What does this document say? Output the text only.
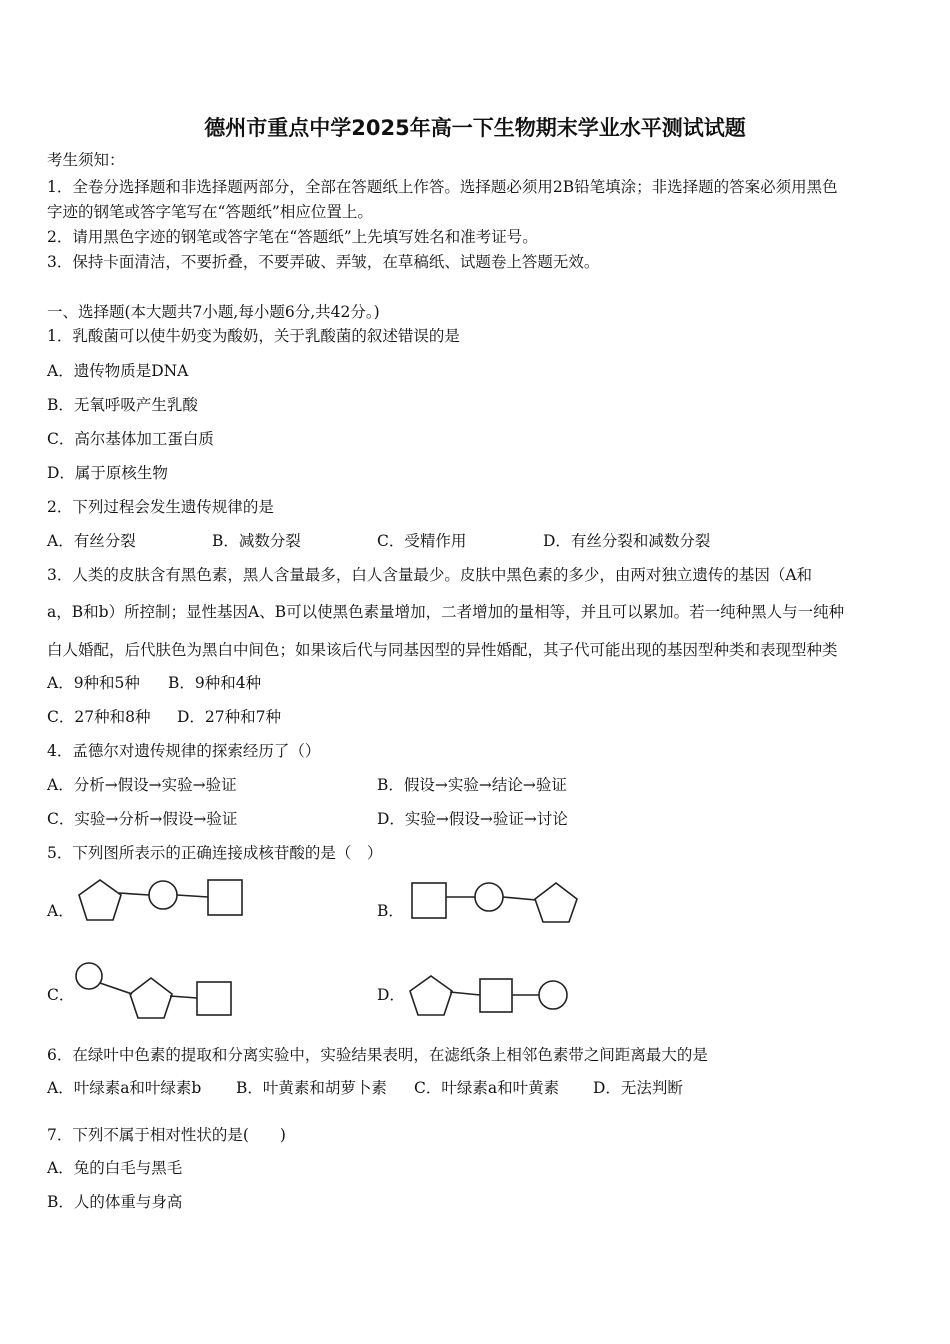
德州市重点中学2025年高一下生物期末学业水平测试试题
考生须知：
1．全卷分选择题和非选择题两部分，全部在答题纸上作答。选择题必须用2B铅笔填涂；非选择题的答案必须用黑色
字迹的钢笔或答字笔写在“答题纸”相应位置上。
2．请用黑色字迹的钢笔或答字笔在“答题纸”上先填写姓名和准考证号。
3．保持卡面清洁，不要折叠，不要弄破、弄皱，在草稿纸、试题卷上答题无效。
一、选择题(本大题共7小题,每小题6分,共42分。)
1．乳酸菌可以使牛奶变为酸奶，关于乳酸菌的叙述错误的是
A．遗传物质是DNA
B．无氧呼吸产生乳酸
C．高尔基体加工蛋白质
D．属于原核生物
2．下列过程会发生遗传规律的是
A．有丝分裂	B．减数分裂	C．受精作用	D．有丝分裂和减数分裂
3．人类的皮肤含有黑色素，黑人含量最多，白人含量最少。皮肤中黑色素的多少，由两对独立遗传的基因（A和
a，B和b）所控制；显性基因A、B可以使黑色素量增加，二者增加的量相等，并且可以累加。若一纯种黑人与一纯种
白人婚配，后代肤色为黑白中间色；如果该后代与同基因型的异性婚配，其子代可能出现的基因型种类和表现型种类
A．9种和5种 B．9种和4种
C．27种和8种 D．27种和7种
4．孟德尔对遗传规律的探索经历了（）
A．分析→假设→实验→验证	B．假设→实验→结论→验证
C．实验→分析→假设→验证	D．实验→假设→验证→讨论
5．下列图所表示的正确连接成核苷酸的是（　）
A．	B．
C．	D．
6．在绿叶中色素的提取和分离实验中，实验结果表明，在滤纸条上相邻色素带之间距离最大的是
A．叶绿素a和叶绿素b B．叶黄素和胡萝卜素 C．叶绿素a和叶黄素 D．无法判断
7．下列不属于相对性状的是(　　)
A．兔的白毛与黑毛
B．人的体重与身高
